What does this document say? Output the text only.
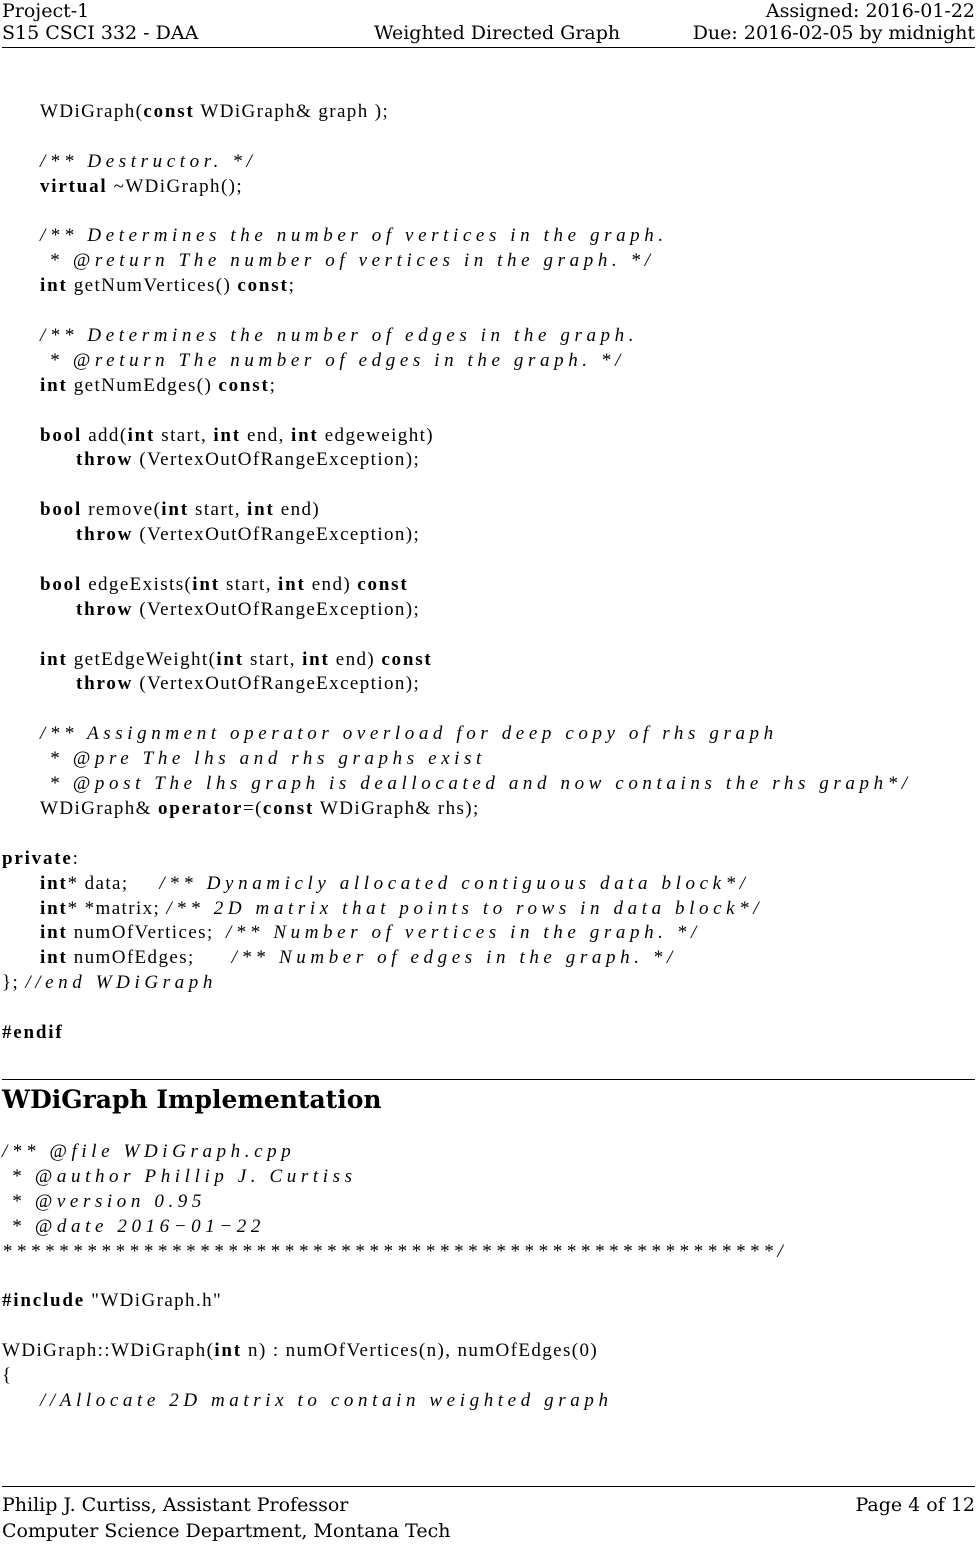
Project-1	Assigned: 2016-01-22
S15 CSCI 332 - DAA	Weighted Directed Graph	Due: 2016-02-05 by midnight
WDiGraph(const WDiGraph& graph );

/** Destructor. */
virtual ~WDiGraph();

/** Determines the number of vertices in the graph.
* @return The number of vertices in the graph. */
int getNumVertices() const;

/** Determines the number of edges in the graph.
* @return The number of edges in the graph. */
int getNumEdges() const;

bool add(int start, int end, int edgeweight)
throw (VertexOutOfRangeException);

bool remove(int start, int end)
throw (VertexOutOfRangeException);

bool edgeExists(int start, int end) const
throw (VertexOutOfRangeException);

int getEdgeWeight(int start, int end) const
throw (VertexOutOfRangeException);

/** Assignment operator overload for deep copy of rhs graph
* @pre The lhs and rhs graphs exist
* @post The lhs graph is deallocated and now contains the rhs graph*/
WDiGraph& operator=(const WDiGraph& rhs);

private:
int* data;     /** Dynamicly allocated contiguous data block*/
int* *matrix; /** 2D matrix that points to rows in data block*/
int numOfVertices;  /** Number of vertices in the graph. */
int numOfEdges;      /** Number of edges in the graph. */
}; //end WDiGraph

#endif
WDiGraph Implementation
/** @file WDiGraph.cpp
* @author Phillip J. Curtiss
* @version 0.95
* @date 2016−01−22
*******************************************************/

#include "WDiGraph.h"

WDiGraph::WDiGraph(int n) : numOfVertices(n), numOfEdges(0)
{
//Allocate 2D matrix to contain weighted graph
Philip J. Curtiss, Assistant Professor
Computer Science Department, Montana Tech
Page 4 of 12
